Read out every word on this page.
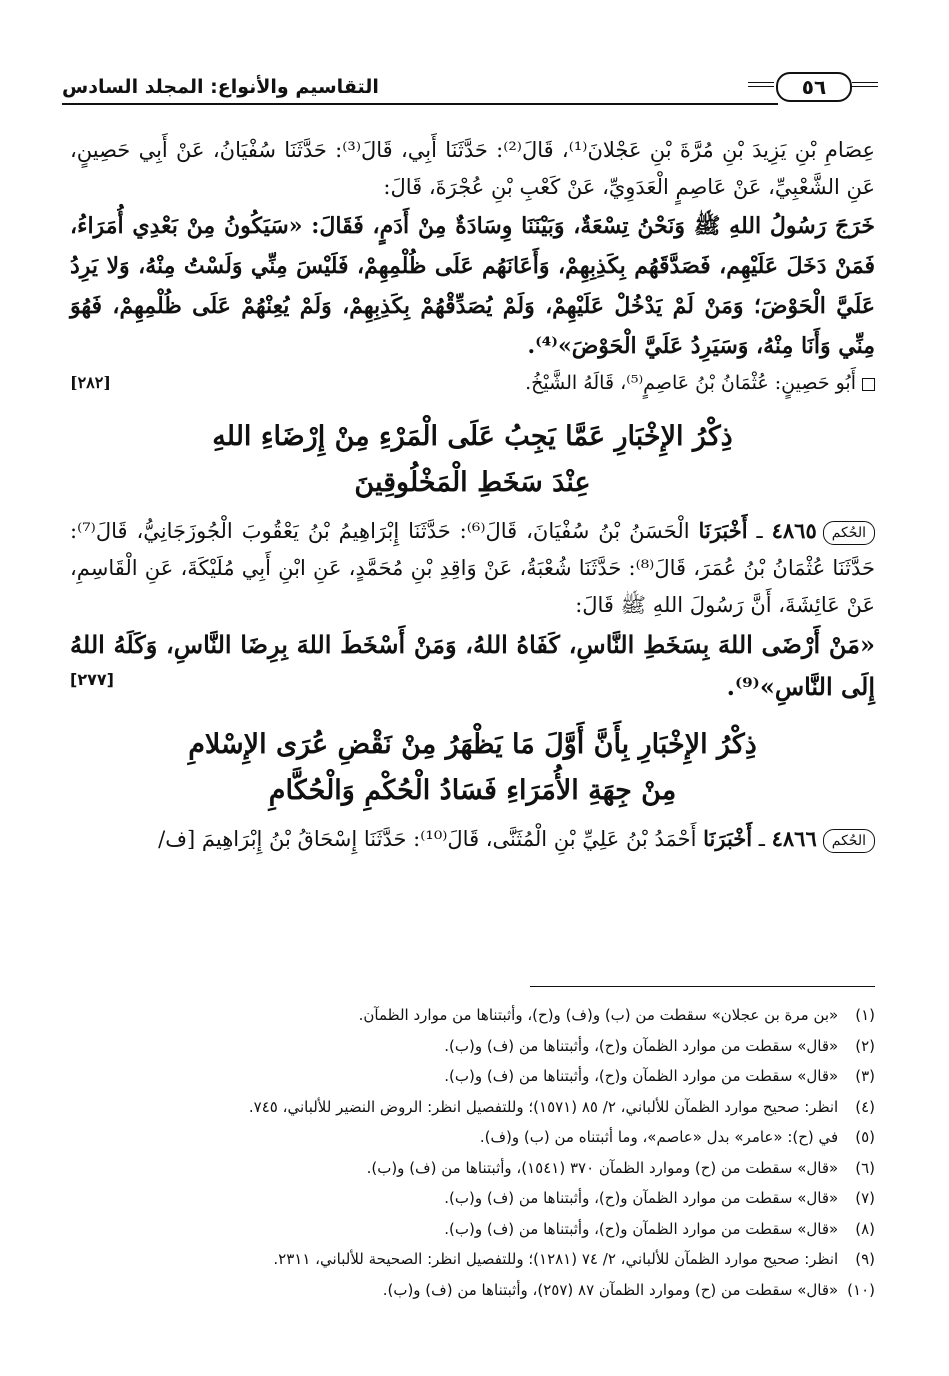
التقاسيم والأنواع: المجلد السادس	٥٦

عِصَامِ بْنِ يَزِيدَ بْنِ مُرَّةَ بْنِ عَجْلانَ⁽¹⁾، قَالَ⁽²⁾: حَدَّثَنَا أَبِي، قَالَ⁽³⁾: حَدَّثَنَا سُفْيَانُ، عَنْ أَبِي حَصِينٍ، عَنِ الشَّعْبِيِّ، عَنْ عَاصِمٍ الْعَدَوِيِّ، عَنْ كَعْبِ بْنِ عُجْرَةَ، قَالَ:

خَرَجَ رَسُولُ اللهِ ﷺ وَنَحْنُ تِسْعَةٌ، وَبَيْنَنَا وِسَادَةٌ مِنْ أَدَمٍ، فَقَالَ: «سَيَكُونُ مِنْ بَعْدِي أُمَرَاءُ، فَمَنْ دَخَلَ عَلَيْهِم، فَصَدَّقَهُم بِكَذِبِهِمْ، وَأَعَانَهُم عَلَى ظُلْمِهِمْ، فَلَيْسَ مِنِّي وَلَسْتُ مِنْهُ، وَلا يَرِدُ عَلَيَّ الْحَوْضَ؛ وَمَنْ لَمْ يَدْخُلْ عَلَيْهِمْ، وَلَمْ يُصَدِّقْهُمْ بِكَذِبِهِمْ، وَلَمْ يُعِنْهُمْ عَلَى ظُلْمِهِمْ، فَهُوَ مِنِّي وَأَنَا مِنْهُ، وَسَيَرِدُ عَلَيَّ الْحَوْضَ»⁽⁴⁾.

أَبُو حَصِينٍ: عُثْمَانُ بْنُ عَاصِمٍ⁽⁵⁾، قَالَهُ الشَّيْخُ.
[٢٨٢]
ذِكْرُ الإِخْبَارِ عَمَّا يَجِبُ عَلَى الْمَرْءِ مِنْ إِرْضَاءِ اللهِ
عِنْدَ سَخَطِ الْمَخْلُوقِينَ

الحُكم٤٨٦٥ ـ أَخْبَرَنَا الْحَسَنُ بْنُ سُفْيَانَ، قَالَ⁽⁶⁾: حَدَّثَنَا إِبْرَاهِيمُ بْنُ يَعْقُوبَ الْجُوزَجَانِيُّ، قَالَ⁽⁷⁾: حَدَّثَنَا عُثْمَانُ بْنُ عُمَرَ، قَالَ⁽⁸⁾: حَدَّثَنَا شُعْبَةُ، عَنْ وَاقِدِ بْنِ مُحَمَّدٍ، عَنِ ابْنِ أَبِي مُلَيْكَةَ، عَنِ الْقَاسِمِ، عَنْ عَائِشَةَ، أَنَّ رَسُولَ اللهِ ﷺ قَالَ:

«مَنْ أَرْضَى اللهَ بِسَخَطِ النَّاسِ، كَفَاهُ اللهُ، وَمَنْ أَسْخَطَ اللهَ بِرِضَا النَّاسِ، وَكَلَهُ اللهُ إِلَى النَّاسِ»⁽⁹⁾.

[٢٧٧]
ذِكْرُ الإِخْبَارِ بِأَنَّ أَوَّلَ مَا يَظْهَرُ مِنْ نَقْضِ عُرَى الإِسْلامِ
مِنْ جِهَةِ الأُمَرَاءِ فَسَادُ الْحُكْمِ وَالْحُكَّامِ

الحُكم٤٨٦٦ ـ أَخْبَرَنَا أَحْمَدُ بْنُ عَلِيِّ بْنِ الْمُثَنَّى، قَالَ⁽¹⁰⁾: حَدَّثَنَا إِسْحَاقُ بْنُ إِبْرَاهِيمَ [ف/

(١) «بن مرة بن عجلان» سقطت من (ب) و(ف) و(ح)، وأثبتناها من موارد الظمآن.
(٢) «قال» سقطت من موارد الظمآن و(ح)، وأثبتناها من (ف) و(ب).
(٣) «قال» سقطت من موارد الظمآن و(ح)، وأثبتناها من (ف) و(ب).
(٤) انظر: صحيح موارد الظمآن للألباني، ٢/ ٨٥ (١٥٧١)؛ وللتفصيل انظر: الروض النضير للألباني، ٧٤٥.
(٥) في (ح): «عامر» بدل «عاصم»، وما أثبتناه من (ب) و(ف).
(٦) «قال» سقطت من (ح) وموارد الظمآن ٣٧٠ (١٥٤١)، وأثبتناها من (ف) و(ب).
(٧) «قال» سقطت من موارد الظمآن و(ح)، وأثبتناها من (ف) و(ب).
(٨) «قال» سقطت من موارد الظمآن و(ح)، وأثبتناها من (ف) و(ب).
(٩) انظر: صحيح موارد الظمآن للألباني، ٢/ ٧٤ (١٢٨١)؛ وللتفصيل انظر: الصحيحة للألباني، ٢٣١١.
(١٠) «قال» سقطت من (ح) وموارد الظمآن ٨٧ (٢٥٧)، وأثبتناها من (ف) و(ب).
